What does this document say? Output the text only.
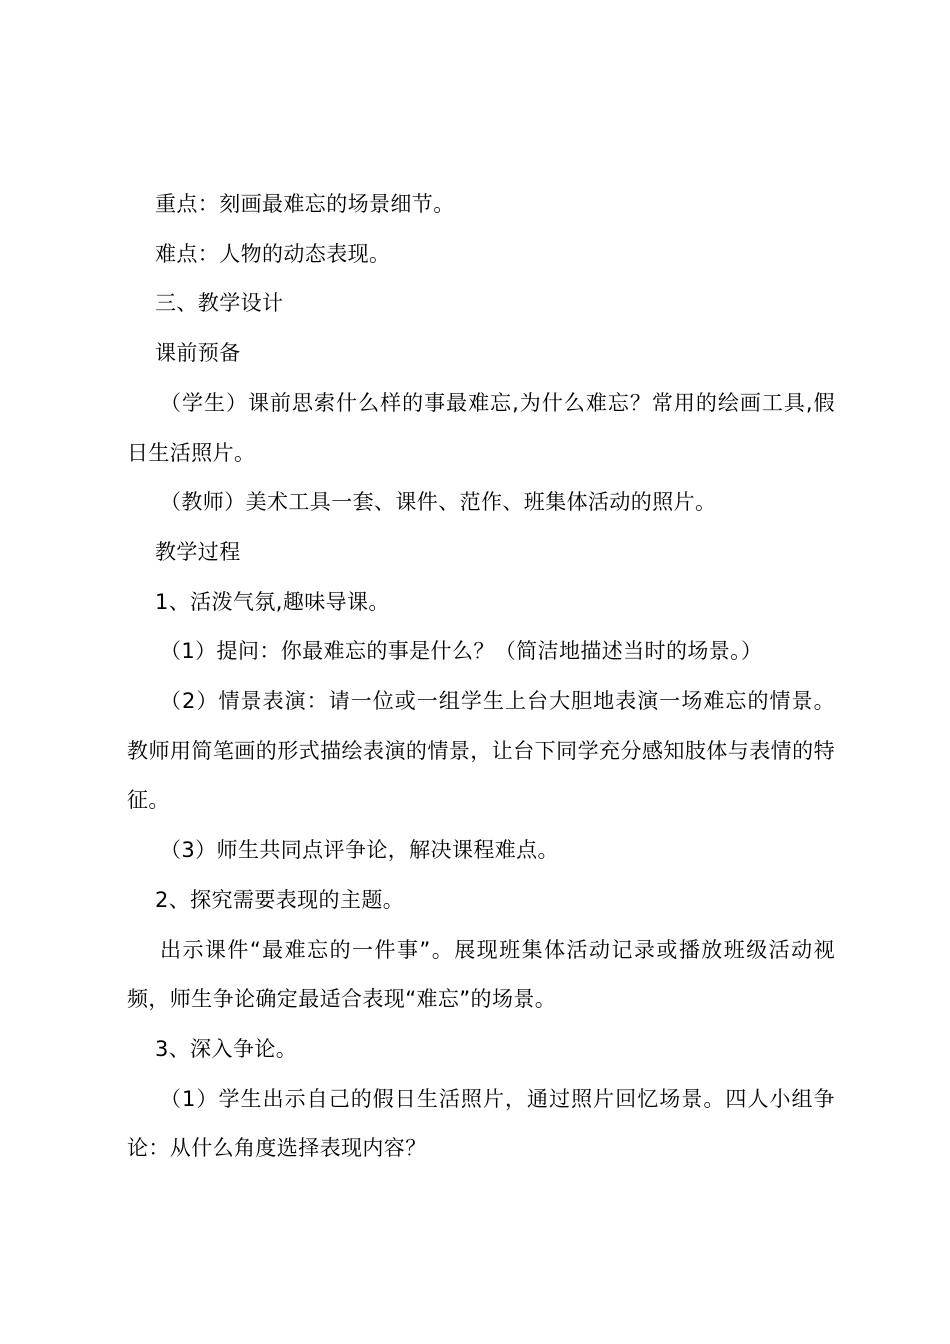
重点：刻画最难忘的场景细节。

难点：人物的动态表现。

三、教学设计

课前预备

（学生）课前思索什么样的事最难忘,为什么难忘？常用的绘画工具,假日生活照片。

（教师）美术工具一套、课件、范作、班集体活动的照片。

教学过程

1、活泼气氛,趣味导课。

（1）提问：你最难忘的事是什么？（简洁地描述当时的场景。）

（2）情景表演：请一位或一组学生上台大胆地表演一场难忘的情景。教师用简笔画的形式描绘表演的情景，让台下同学充分感知肢体与表情的特征。

（3）师生共同点评争论，解决课程难点。

2、探究需要表现的主题。

出示课件“最难忘的一件事”。展现班集体活动记录或播放班级活动视频，师生争论确定最适合表现“难忘”的场景。

3、深入争论。

（1）学生出示自己的假日生活照片，通过照片回忆场景。四人小组争论：从什么角度选择表现内容？
